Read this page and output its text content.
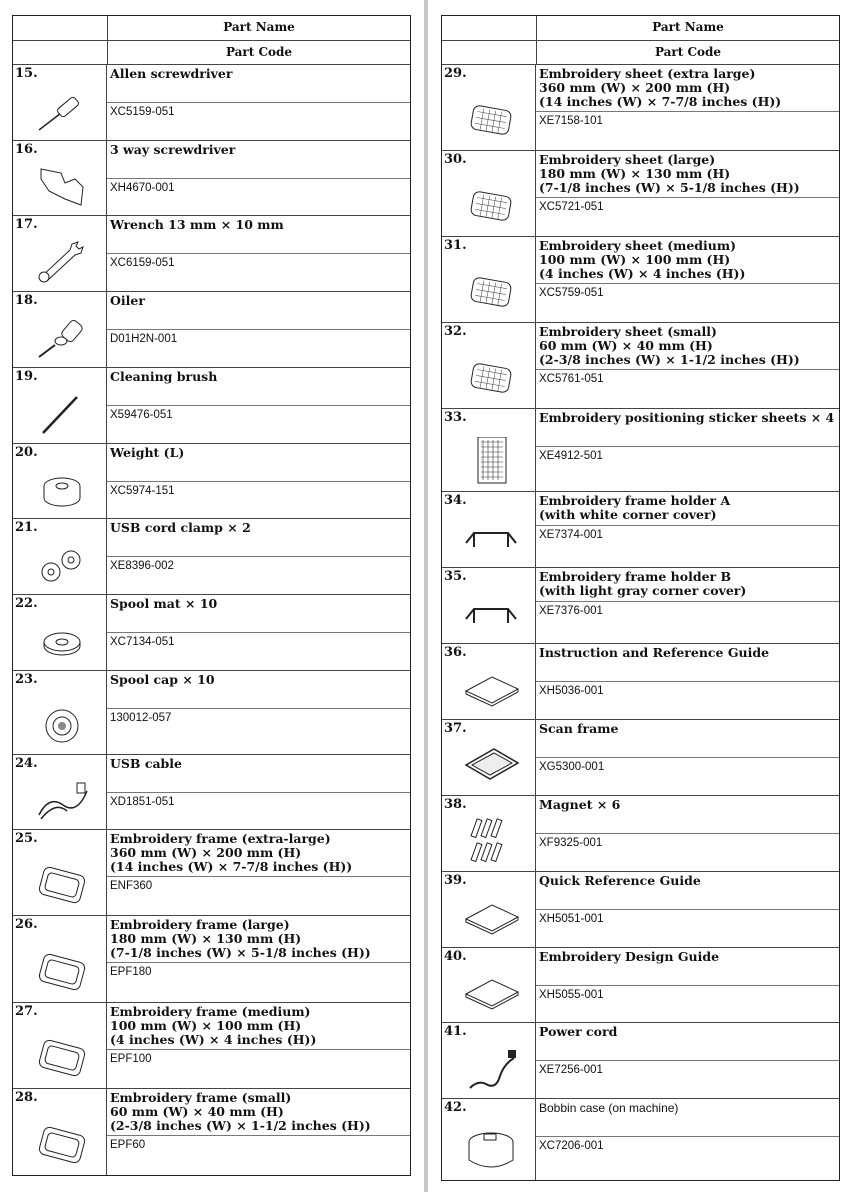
Part Name
Part Code
15.	Allen screwdriver
XC5159-051
16.	3 way screwdriver
XH4670-001
17.	Wrench 13 mm × 10 mm
XC6159-051
18.	Oiler
D01H2N-001
19.	Cleaning brush
X59476-051
20.	Weight (L)
XC5974-151
21.	USB cord clamp × 2
XE8396-002
22.	Spool mat × 10
XC7134-051
23.	Spool cap × 10
130012-057
24.	USB cable
XD1851-051
25.	Embroidery frame (extra-large)
360 mm (W) × 200 mm (H)
(14 inches (W) × 7-7/8 inches (H))
ENF360
26.	Embroidery frame (large)
180 mm (W) × 130 mm (H)
(7-1/8 inches (W) × 5-1/8 inches (H))
EPF180
27.	Embroidery frame (medium)
100 mm (W) × 100 mm (H)
(4 inches (W) × 4 inches (H))
EPF100
28.	Embroidery frame (small)
60 mm (W) × 40 mm (H)
(2-3/8 inches (W) × 1-1/2 inches (H))
EPF60
Part Name
Part Code
29.	Embroidery sheet (extra large)
360 mm (W) × 200 mm (H)
(14 inches (W) × 7-7/8 inches (H))
XE7158-101
30.	Embroidery sheet (large)
180 mm (W) × 130 mm (H)
(7-1/8 inches (W) × 5-1/8 inches (H))
XC5721-051
31.	Embroidery sheet (medium)
100 mm (W) × 100 mm (H)
(4 inches (W) × 4 inches (H))
XC5759-051
32.	Embroidery sheet (small)
60 mm (W) × 40 mm (H)
(2-3/8 inches (W) × 1-1/2 inches (H))
XC5761-051
33.	Embroidery positioning sticker sheets × 4
XE4912-501
34.	Embroidery frame holder A
(with white corner cover)
XE7374-001
35.	Embroidery frame holder B
(with light gray corner cover)
XE7376-001
36.	Instruction and Reference Guide
XH5036-001
37.	Scan frame
XG5300-001
38.	Magnet × 6
XF9325-001
39.	Quick Reference Guide
XH5051-001
40.	Embroidery Design Guide
XH5055-001
41.	Power cord
XE7256-001
42.	Bobbin case (on machine)
XC7206-001
